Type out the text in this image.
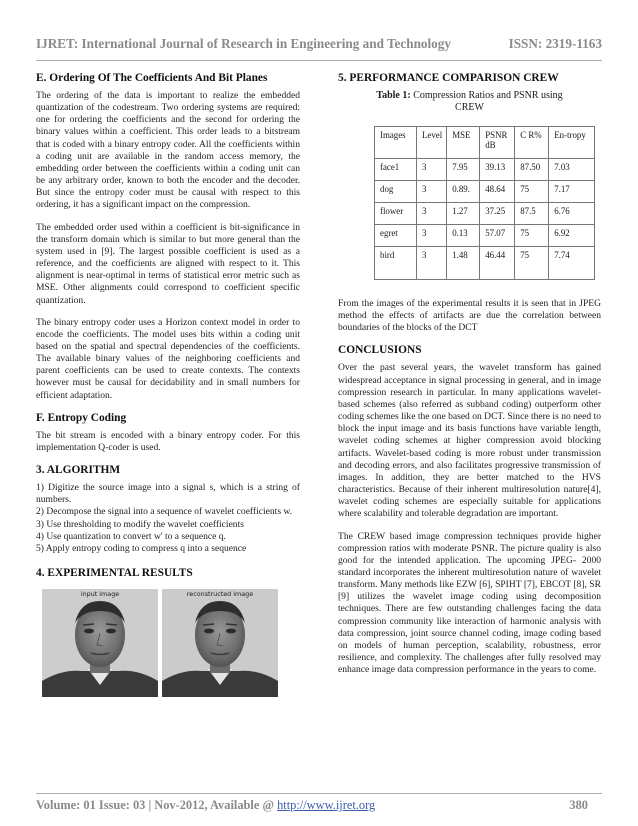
IJRET: International Journal of Research in Engineering and Technology	ISSN: 2319-1163
E. Ordering Of The Coefficients And Bit Planes

The ordering of the data is important to realize the embedded quantization of the codestream. Two ordering systems are required: one for ordering the coefficients and the second for ordering the binary values within a coefficient. This order leads to a bitstream that is coded with a binary entropy coder. All the coefficients within a coding unit are available in the random access memory, the embedding order between the coefficients within a coding unit can be any arbitrary order, known to both the encoder and the decoder. But since the entropy coder must be causal with respect to this ordering, it has a significant impact on the compression.

The embedded order used within a coefficient is bit-significance in the transform domain which is similar to but more general than the system used in [9]. The largest possible coefficient is used as a reference, and the coefficients are aligned with respect to it. This alignment is near-optimal in terms of statistical error metric such as MSE. Other alignments could correspond to coefficient specific quantization.

The binary entropy coder uses a Horizon context model in order to encode the coefficients. The model uses bits within a coding unit based on the spatial and spectral dependencies of the coefficients. The available binary values of the neighboring coefficients and parent coefficients can be used to create contexts. The contexts however must be causal for decidability and in small numbers for efficient adaptation.

F. Entropy Coding

The bit stream is encoded with a binary entropy coder. For this implementation Q-coder is used.

3. ALGORITHM
1) Digitize the source image into a signal s, which is a string of numbers.
2) Decompose the signal into a sequence of wavelet coefficients w.
3) Use thresholding to modify the wavelet coefficients
4) Use quantization to convert w' to a sequence q.
5) Apply entropy coding to compress q into a sequence
4. EXPERIMENTAL RESULTS
input image	reconstructed image
5. PERFORMANCE COMPARISON CREW
Table 1: Compression Ratios and PSNR using
CREW
Images	Level	MSE	PSNR dB	C R%	En-tropy
face1	3	7.95	39.13	87.50	7.03
dog	3	0.89.	48.64	75	7.17
flower	3	1.27	37.25	87.5	6.76
egret	3	0.13	57.07	75	6.92
bird	3	1.48	46.44	75	7.74

From the images of the experimental results it is seen that in JPEG method the effects of artifacts are due the correlation between boundaries of the blocks of the DCT

CONCLUSIONS

Over the past several years, the wavelet transform has gained widespread acceptance in signal processing in general, and in image compression research in particular. In many applications wavelet-based schemes (also referred as subband coding) outperform other coding schemes like the one based on DCT. Since there is no need to block the input image and its basis functions have variable length, wavelet coding schemes at higher compression avoid blocking artifacts. Wavelet-based coding is more robust under transmission and decoding errors, and also facilitates progressive transmission of images. In addition, they are better matched to the HVS characteristics. Because of their inherent multiresolution nature[4], wavelet coding schemes are especially suitable for applications where scalability and tolerable degradation are important.

The CREW based image compression techniques provide higher compression ratios with moderate PSNR. The picture quality is also good for the intended application. The upcoming JPEG- 2000 standard incorporates the inherent multiresolution nature of wavelet transform. Many methods like EZW [6], SPIHT [7], EBCOT [8], SR [9] utilizes the wavelet image coding using decomposition techniques. There are few outstanding challenges facing the data compression community like interaction of harmonic analysis with data compression, joint source channel coding, image coding based on models of human perception, scalability, robustness, error resilience, and complexity. The challenges after fully resolved may enhance image data compression performance in the years to come.

Volume: 01 Issue: 03 | Nov-2012, Available @ http://www.ijret.org	380
